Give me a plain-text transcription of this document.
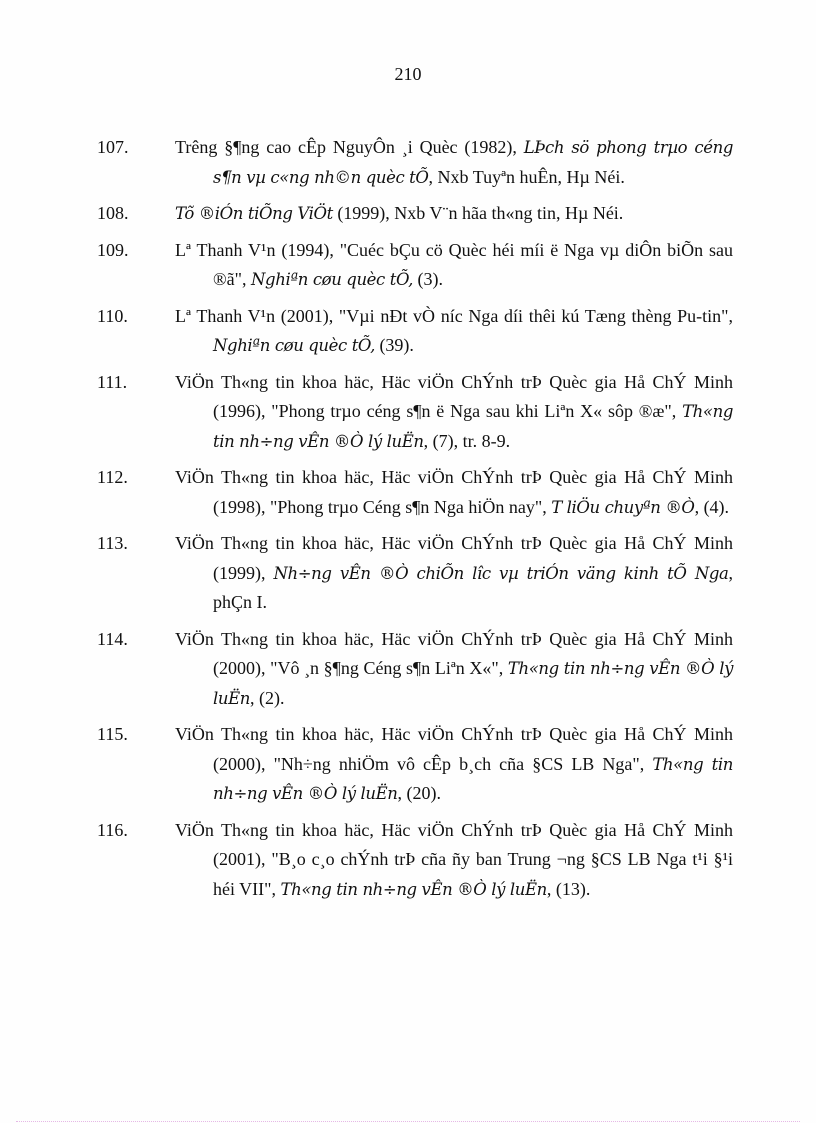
210
107.	Trêng §¶ng cao cÊp NguyÔn ¸i Quèc (1982), LÞch sö phong trµo céng s¶n vµ c«ng nh©n quèc tÕ, Nxb Tuyªn huÊn, Hµ Néi.
108.	Tõ ®iÓn tiÕng ViÖt (1999), Nxb V¨n hãa th«ng tin, Hµ Néi.
109.	Lª Thanh V¹n (1994), "Cuéc bÇu cö Quèc héi míi ë Nga vµ diÔn biÕn sau ®ã", Nghiªn cøu quèc tÕ, (3).
110.	Lª Thanh V¹n (2001), "Vµi nÐt vÒ níc Nga díi thêi kú Tæng thèng Pu-tin", Nghiªn cøu quèc tÕ, (39).
111.	ViÖn Th«ng tin khoa häc, Häc viÖn ChÝnh trÞ Quèc gia Hå ChÝ Minh (1996), "Phong trµo céng s¶n ë Nga sau khi Liªn X« sôp ®æ", Th«ng tin nh÷ng vÊn ®Ò lý luËn, (7), tr. 8-9.
112.	ViÖn Th«ng tin khoa häc, Häc viÖn ChÝnh trÞ Quèc gia Hå ChÝ Minh (1998), "Phong trµo Céng s¶n Nga hiÖn nay", T liÖu chuyªn ®Ò, (4).
113.	ViÖn Th«ng tin khoa häc, Häc viÖn ChÝnh trÞ Quèc gia Hå ChÝ Minh (1999), Nh÷ng vÊn ®Ò chiÕn lîc vµ triÓn väng kinh tÕ Nga, phÇn I.
114.	ViÖn Th«ng tin khoa häc, Häc viÖn ChÝnh trÞ Quèc gia Hå ChÝ Minh (2000), "Vô ¸n §¶ng Céng s¶n Liªn X«", Th«ng tin nh÷ng vÊn ®Ò lý luËn, (2).
115.	ViÖn Th«ng tin khoa häc, Häc viÖn ChÝnh trÞ Quèc gia Hå ChÝ Minh (2000), "Nh÷ng nhiÖm vô cÊp b¸ch cña §CS LB Nga", Th«ng tin nh÷ng vÊn ®Ò lý luËn, (20).
116.	ViÖn Th«ng tin khoa häc, Häc viÖn ChÝnh trÞ Quèc gia Hå ChÝ Minh (2001), "B¸o c¸o chÝnh trÞ cña ñy ban Trung ¬ng §CS LB Nga t¹i §¹i héi VII", Th«ng tin nh÷ng vÊn ®Ò lý luËn, (13).
